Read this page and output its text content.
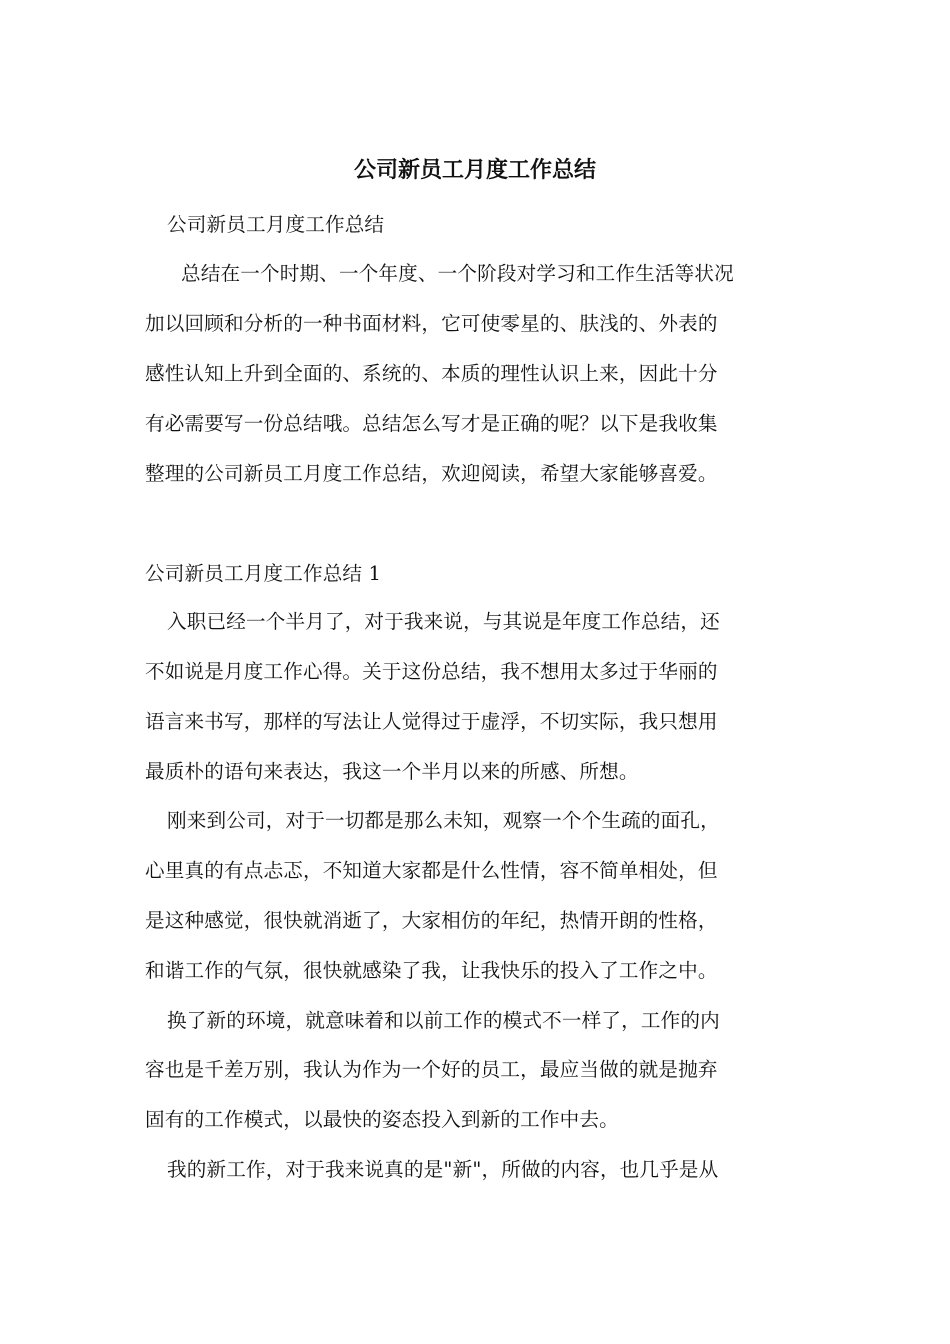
公司新员工月度工作总结
公司新员工月度工作总结
总结在一个时期、一个年度、一个阶段对学习和工作生活等状况
加以回顾和分析的一种书面材料，它可使零星的、肤浅的、外表的
感性认知上升到全面的、系统的、本质的理性认识上来，因此十分
有必需要写一份总结哦。总结怎么写才是正确的呢？以下是我收集
整理的公司新员工月度工作总结，欢迎阅读，希望大家能够喜爱。
公司新员工月度工作总结 1
入职已经一个半月了，对于我来说，与其说是年度工作总结，还
不如说是月度工作心得。关于这份总结，我不想用太多过于华丽的
语言来书写，那样的写法让人觉得过于虚浮，不切实际，我只想用
最质朴的语句来表达，我这一个半月以来的所感、所想。
刚来到公司，对于一切都是那么未知，观察一个个生疏的面孔，
心里真的有点忐忑，不知道大家都是什么性情，容不简单相处，但
是这种感觉，很快就消逝了，大家相仿的年纪，热情开朗的性格，
和谐工作的气氛，很快就感染了我，让我快乐的投入了工作之中。
换了新的环境，就意味着和以前工作的模式不一样了，工作的内
容也是千差万别，我认为作为一个好的员工，最应当做的就是抛弃
固有的工作模式，以最快的姿态投入到新的工作中去。
我的新工作，对于我来说真的是"新"，所做的内容，也几乎是从
